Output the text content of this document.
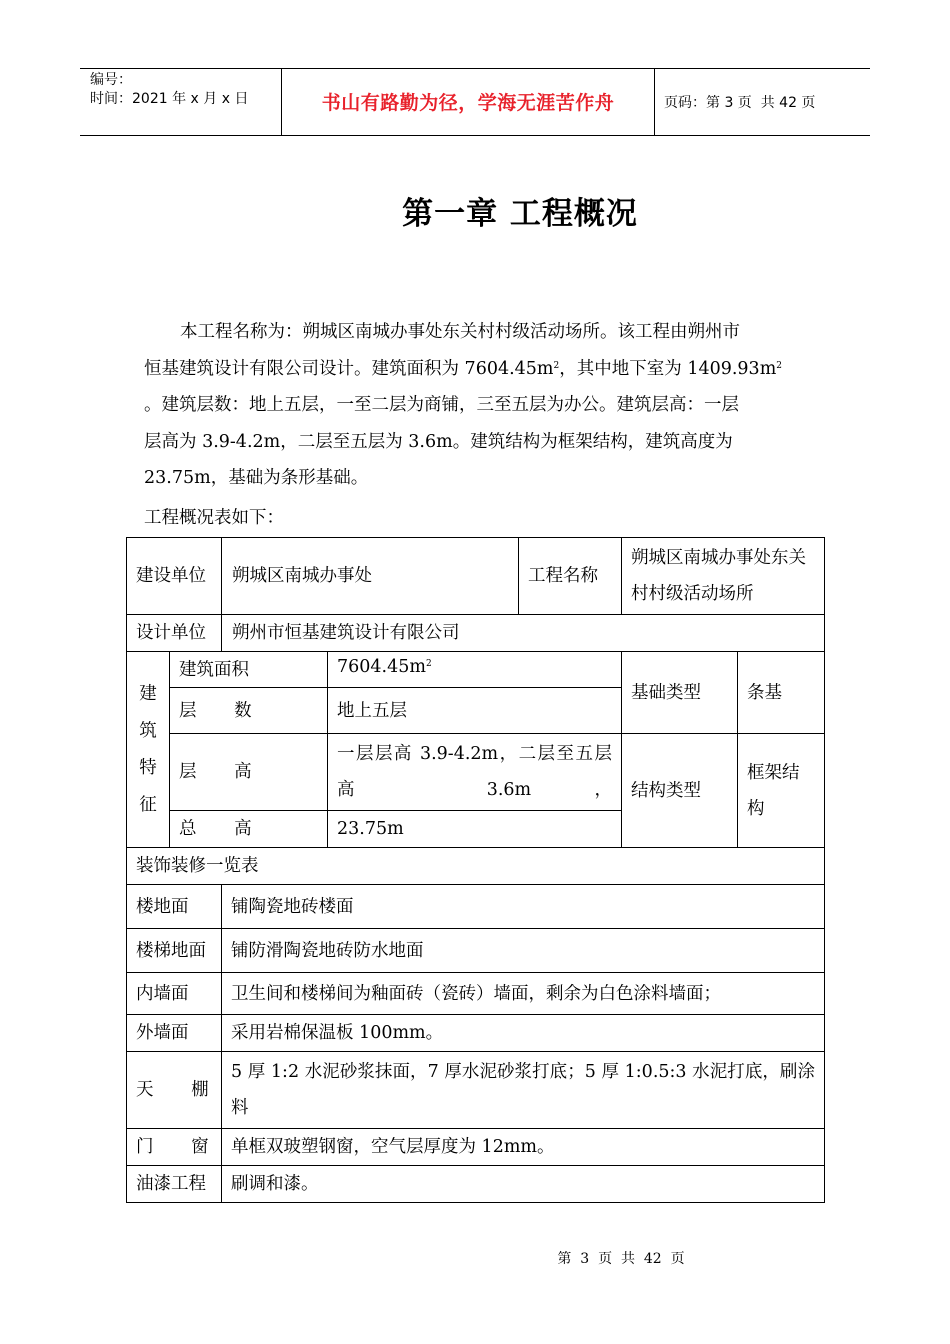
编号：
时间：2021 年 x 月 x 日	书山有路勤为径，学海无涯苦作舟	页码：第 3 页  共 42 页
第一章 工程概况
本工程名称为：朔城区南城办事处东关村村级活动场所。该工程由朔州市
恒基建筑设计有限公司设计。建筑面积为 $7604.45m^2$，其中地下室为 $1409.93m^2$
。建筑层数：地上五层，一至二层为商铺，三至五层为办公。建筑层高：一层
层高为 3.9-4.2m，二层至五层为 3.6m。建筑结构为框架结构，建筑高度为
23.75m，基础为条形基础。
工程概况表如下：
建设单位		朔城区南城办事处		工程名称	朔城区南城办事处东关村村级活动场所	
设计单位		朔州市恒基建筑设计有限公司				

建
筑
特
征	建筑面积		$7604.45m^2$		基础类型	条基
	层 数		地上五层			
	层 高		一层层高 3.9-4.2m，二层至五层高 3.6m，		结构类型	框架结构
	总 高		23.75m			
装饰装修一览表						
楼地面		铺陶瓷地砖楼面				
楼梯地面		铺防滑陶瓷地砖防水地面				
内墙面		卫生间和楼梯间为釉面砖（瓷砖）墙面，剩余为白色涂料墙面；				
外墙面		采用岩棉保温板 100mm。				
天 棚		5 厚 1:2 水泥砂浆抹面，7 厚水泥砂浆打底；5 厚 1:0.5:3 水泥打底，刷涂料				
门 窗		单框双玻塑钢窗，空气层厚度为 12mm。				
油漆工程		刷调和漆。				
第  3  页  共  42  页
